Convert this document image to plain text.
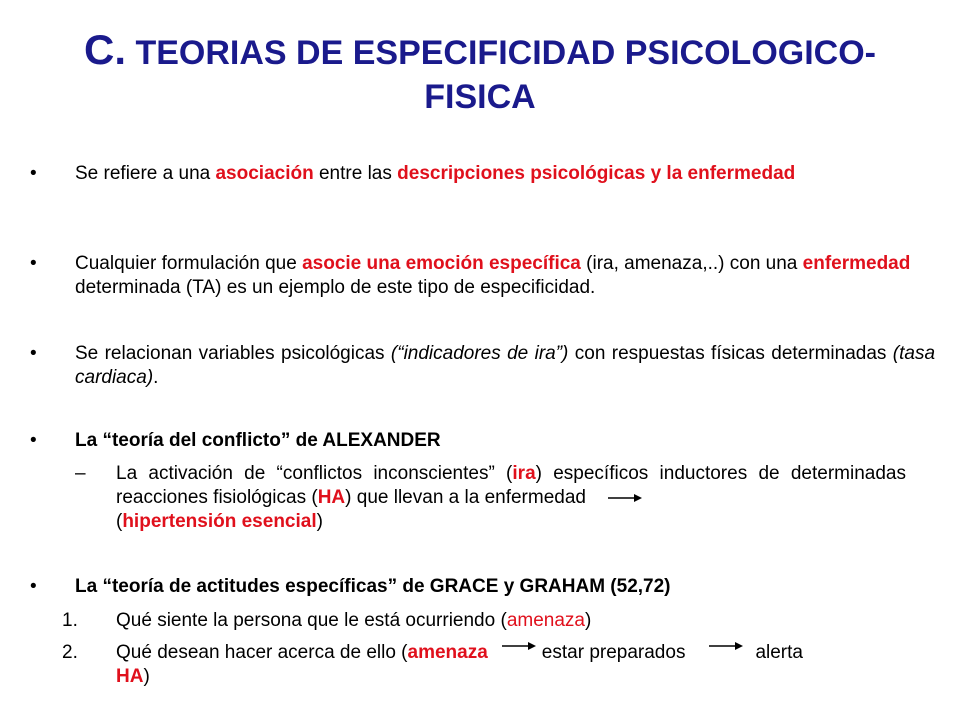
C. TEORIAS DE ESPECIFICIDAD PSICOLOGICO-
FISICA
• Se refiere a una asociación entre las descripciones psicológicas y la enfermedad
• Cualquier formulación que asocie una emoción específica (ira, amenaza,..) con una enfermedad determinada (TA) es un ejemplo de este tipo de especificidad.
• Se relacionan variables psicológicas (“indicadores de ira”) con respuestas físicas determinadas (tasa cardiaca).
• La “teoría del conflicto” de ALEXANDER
– La activación de “conflictos inconscientes” (ira) específicos inductores de determinadas reacciones fisiológicas (HA) que llevan a la enfermedad
(hipertensión esencial)
• La “teoría de actitudes específicas” de GRACE y GRAHAM (52,72)
1. Qué siente la persona que le está ocurriendo (amenaza)
2. Qué desean hacer acerca de ello (amenaza	estar preparados	alerta
HA)
